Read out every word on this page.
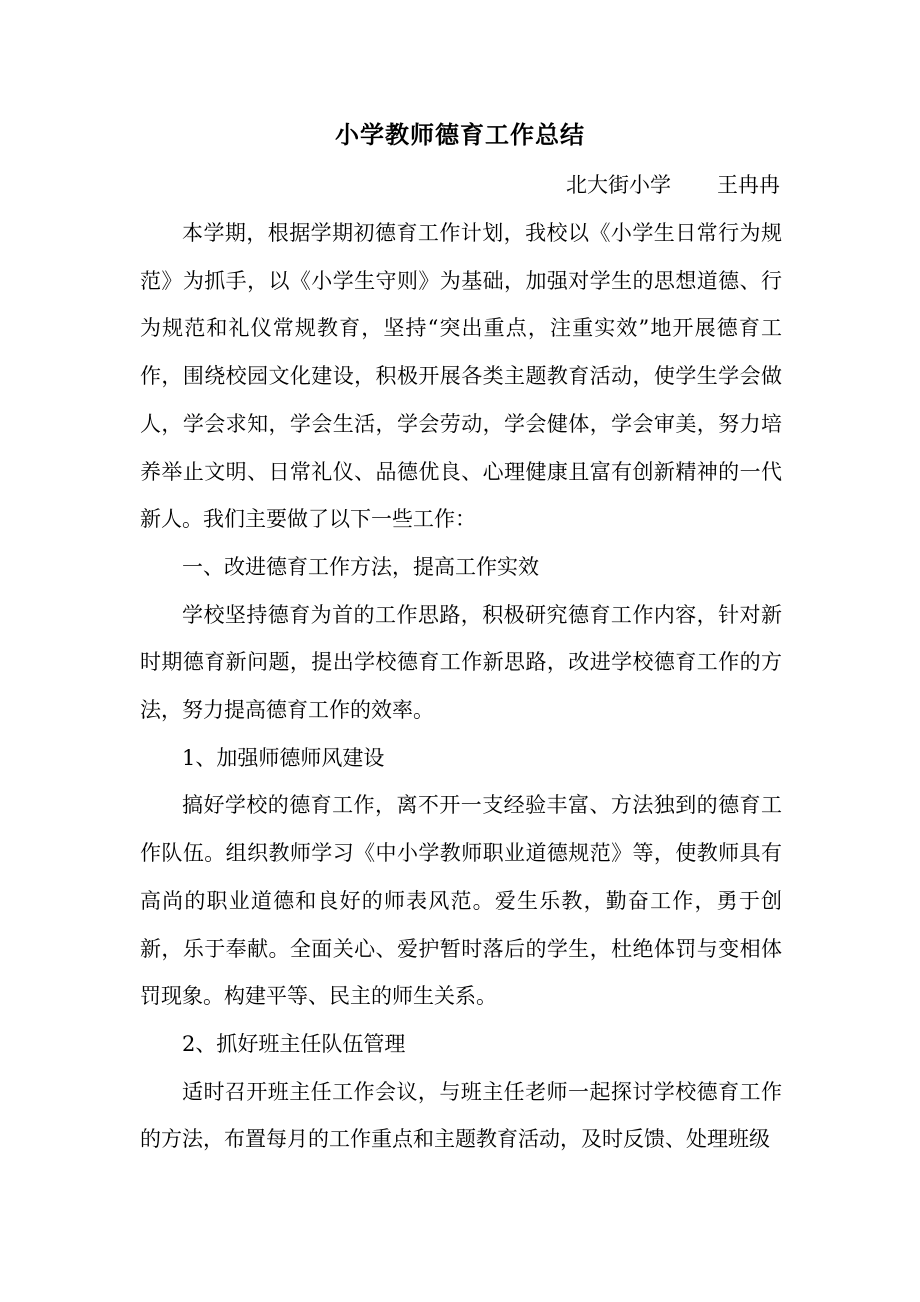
小学教师德育工作总结
北大街小学 王冉冉

本学期，根据学期初德育工作计划，我校以《小学生日常行为规范》为抓手，以《小学生守则》为基础，加强对学生的思想道德、行为规范和礼仪常规教育，坚持“突出重点，注重实效”地开展德育工作，围绕校园文化建设，积极开展各类主题教育活动，使学生学会做人，学会求知，学会生活，学会劳动，学会健体，学会审美，努力培养举止文明、日常礼仪、品德优良、心理健康且富有创新精神的一代新人。我们主要做了以下一些工作：

一、改进德育工作方法，提高工作实效

学校坚持德育为首的工作思路，积极研究德育工作内容，针对新时期德育新问题，提出学校德育工作新思路，改进学校德育工作的方法，努力提高德育工作的效率。

1、加强师德师风建设

搞好学校的德育工作，离不开一支经验丰富、方法独到的德育工作队伍。组织教师学习《中小学教师职业道德规范》等，使教师具有高尚的职业道德和良好的师表风范。爱生乐教，勤奋工作，勇于创新，乐于奉献。全面关心、爱护暂时落后的学生，杜绝体罚与变相体罚现象。构建平等、民主的师生关系。

2、抓好班主任队伍管理

适时召开班主任工作会议，与班主任老师一起探讨学校德育工作的方法，布置每月的工作重点和主题教育活动，及时反馈、处理班级
